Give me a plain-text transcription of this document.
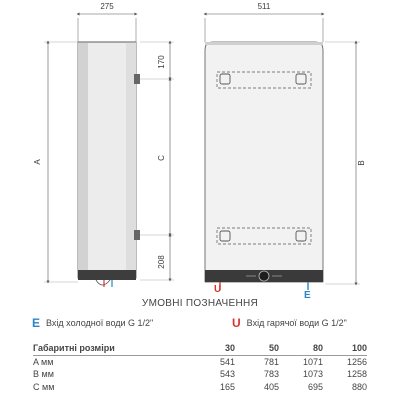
275
A
170
C
208
U
E
511
B
УМОВНІ ПОЗНАЧЕННЯ
E Вхід холодної води G 1/2"	U Вхід гарячої води G 1/2"
Габаритні розміри	30	50	80	100
A мм	541	781	1071	1256
B мм	543	783	1073	1258
C мм	165	405	695	880
